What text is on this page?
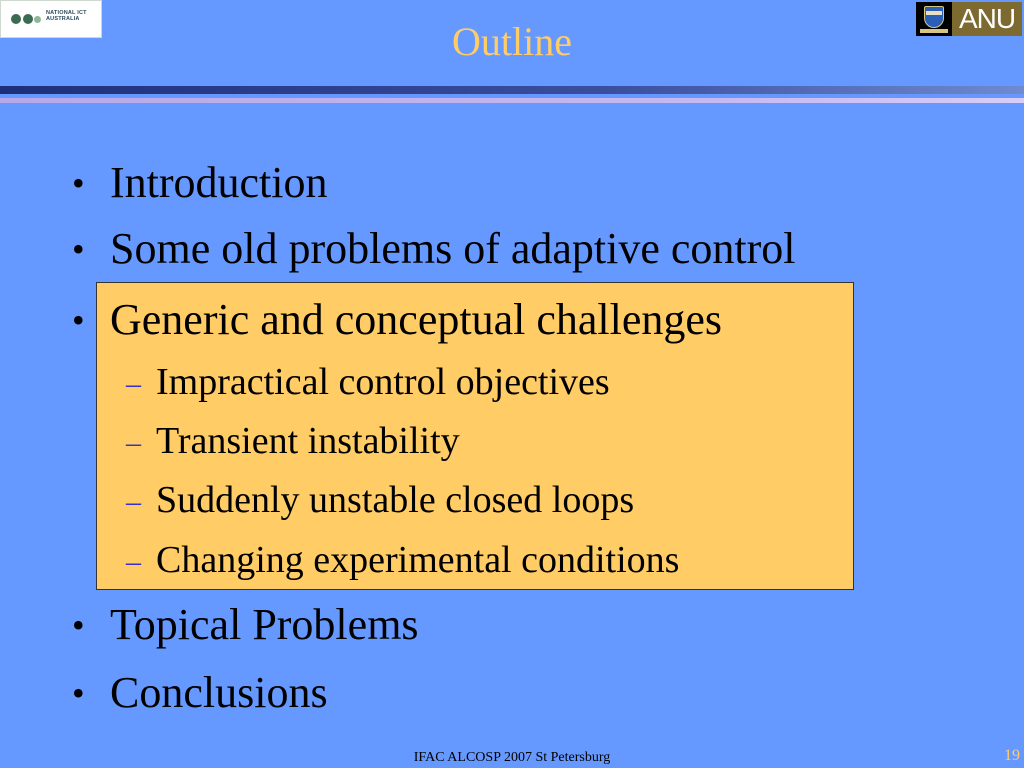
NATIONAL ICT AUSTRALIA	Outline
ANU
• Introduction
• Some old problems of adaptive control
• Generic and conceptual challenges
– Impractical control objectives
– Transient instability
– Suddenly unstable closed loops
– Changing experimental conditions
• Topical Problems
• Conclusions
IFAC ALCOSP 2007 St Petersburg	19
